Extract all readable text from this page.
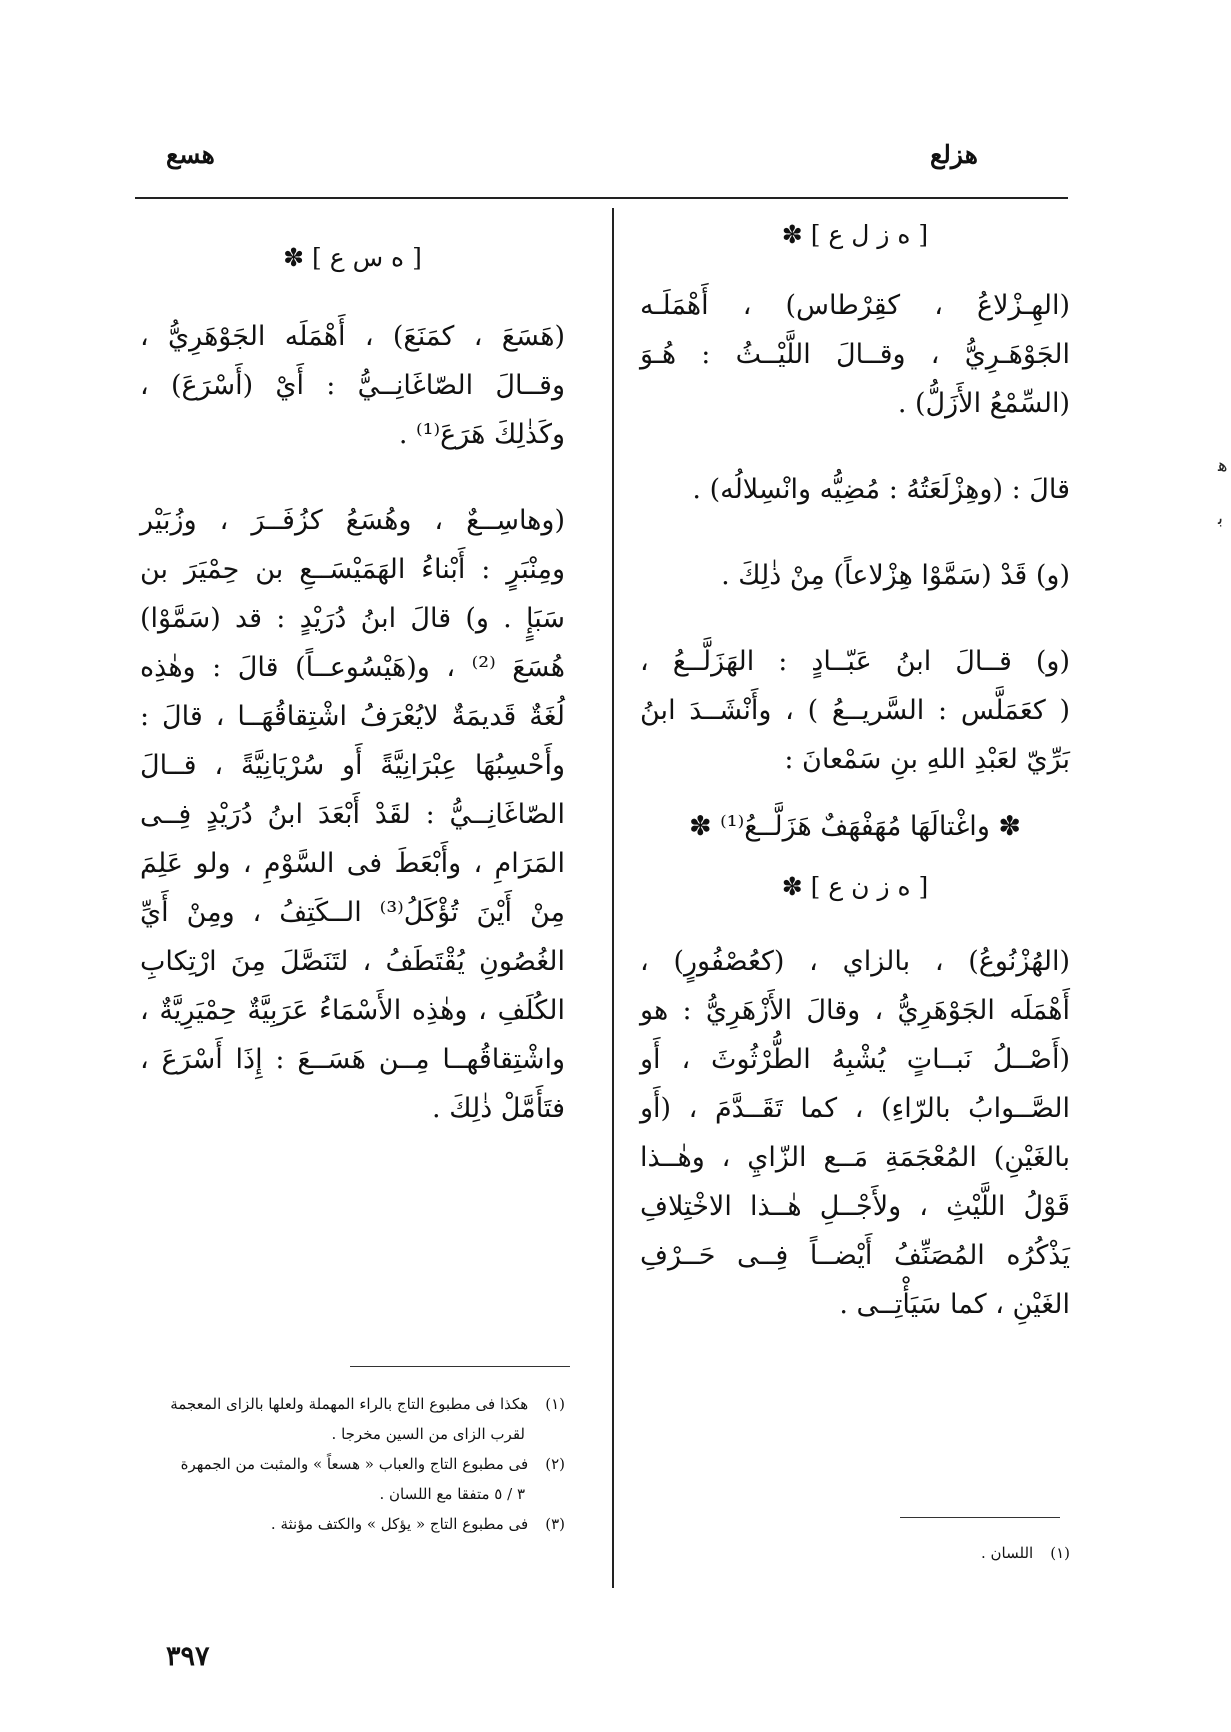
هزلع
هسع

[ ه ز ل ع ] ✽

(الهِـزْلاعُ ، كقِرْطاس) ، أَهْمَلَـه

الجَوْهَـرِيُّ ، وقــالَ اللَّيْــثُ : هُـوَ

(السِّمْعُ الأَزَلُّ) .

قالَ : (وهِزْلَعَتُهُ : مُضِيُّه وانْسِلالُه) .

(و) قَدْ (سَمَّوْا هِزْلاعاً) مِنْ ذٰلِكَ .

(و) قــالَ ابنُ عَبّــادٍ : الهَزَلَّــعُ ،

( كعَمَلَّس : السَّريــعُ ) ، وأَنْشَــدَ ابنُ

بَرِّيّ لعَبْدِ اللهِ بنِ سَمْعانَ :

✽ واغْتالَهَا مُهَفْهَفٌ هَزَلَّــعُ⁽¹⁾ ✽

[ ه ز ن ع ] ✽

(الهُزْنُوعُ) ، بالزاي ، (كعُصْفُورٍ) ،

أَهْمَلَه الجَوْهَرِيُّ ، وقالَ الأَزْهَرِيُّ : هو

(أَصْــلُ نَبــاتٍ يُشْبِهُ الطُّرْثُوثَ ، أَو

الصَّــوابُ بالرّاءِ) ، كما تَقَــدَّمَ ، (أَو

بالغَيْنِ) المُعْجَمَةِ مَــع الزّايِ ، وهٰــذا

قَوْلُ اللَّيْثِ ، ولأَجْــلِ هٰــذا الاخْتِلافِ

يَذْكُرُه المُصَنِّفُ أَيْضــاً فِــى حَــرْفِ

الغَيْنِ ، كما سَيَأْتِــى .

(١) اللسان .

[ ه س ع ] ✽

(هَسَعَ ، كمَنَعَ) ، أَهْمَلَه الجَوْهَرِيُّ ،

وقــالَ الصّاغَانِــيُّ : أَيْ (أَسْرَعَ) ،

وكَذٰلِكَ هَرَعَ⁽¹⁾ .

(وهاسِــعٌ ، وهُسَعُ كزُفَــرَ ، وزُبَيْر

ومِنْبَرٍ : أَبْناءُ الهَمَيْسَــعِ بن حِمْيَرَ بن

سَبَإٍ . و) قالَ ابنُ دُرَيْدٍ : قد (سَمَّوْا)

هُسَعَ ⁽²⁾ ، و(هَيْسُوعــاً) قالَ : وهٰذِه

لُغَةٌ قَديمَةٌ لايُعْرَفُ اشْتِقاقُهَــا ، قالَ :

وأَحْسِبُهَا عِبْرَانِيَّةً أَو سُرْيَانِيَّةً ، قــالَ

الصّاغَانِــيُّ : لقَدْ أَبْعَدَ ابنُ دُرَيْدٍ فِــى

المَرَامِ ، وأَبْعَطَ فى السَّوْمِ ، ولو عَلِمَ

مِنْ أَيْنَ تُؤْكَلُ⁽³⁾ الــكَتِفُ ، ومِنْ أَيِّ

الغُصُونِ يُقْتَطَفُ ، لتَنَصَّلَ مِنَ ارْتِكابِ

الكُلَفِ ، وهٰذِه الأَسْمَاءُ عَرَبِيَّةٌ حِمْيَرِيَّةٌ ،

واشْتِقاقُهــا مِــن هَسَــعَ : إِذَا أَسْرَعَ ،

فتَأَمَّلْ ذٰلِكَ .

(١) هكذا فى مطبوع التاج بالراء المهملة ولعلها بالزاى المعجمة
لقرب الزاى من السين مخرجا .
(٢) فى مطبوع التاج والعباب « هسعاً » والمثبت من الجمهرة
٣ / ٥ متفقا مع اللسان .
(٣) فى مطبوع التاج « يؤكل » والكتف مؤنثة .
٣٩٧
ﻫ
ﺑ
